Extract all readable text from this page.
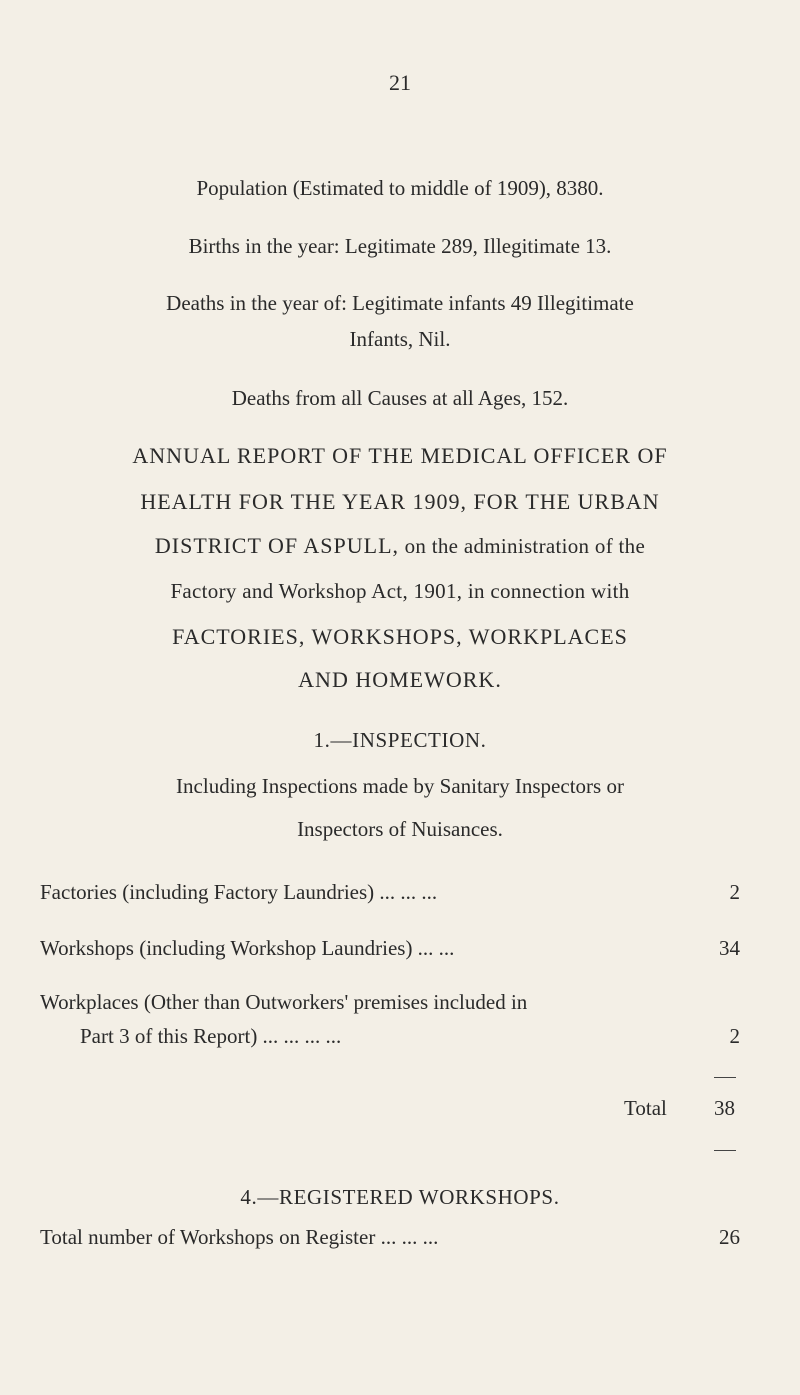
21
Population (Estimated to middle of 1909), 8380.
Births in the year: Legitimate 289, Illegitimate 13.
Deaths in the year of: Legitimate infants 49 Illegitimate
Infants, Nil.
Deaths from all Causes at all Ages, 152.
ANNUAL REPORT OF THE MEDICAL OFFICER OF
HEALTH FOR THE YEAR 1909, FOR THE URBAN
DISTRICT OF ASPULL, on the administration of the
Factory and Workshop Act, 1901, in connection with
FACTORIES, WORKSHOPS, WORKPLACES
AND HOMEWORK.
1.—INSPECTION.
Including Inspections made by Sanitary Inspectors or
Inspectors of Nuisances.
Factories (including Factory Laundries) ... ... ...	2
Workshops (including Workshop Laundries) ... ...	34
Workplaces (Other than Outworkers' premises included in
Part 3 of this Report) ... ... ... ...	2
Total 38
4.—REGISTERED WORKSHOPS.
Total number of Workshops on Register ... ... ...	26
